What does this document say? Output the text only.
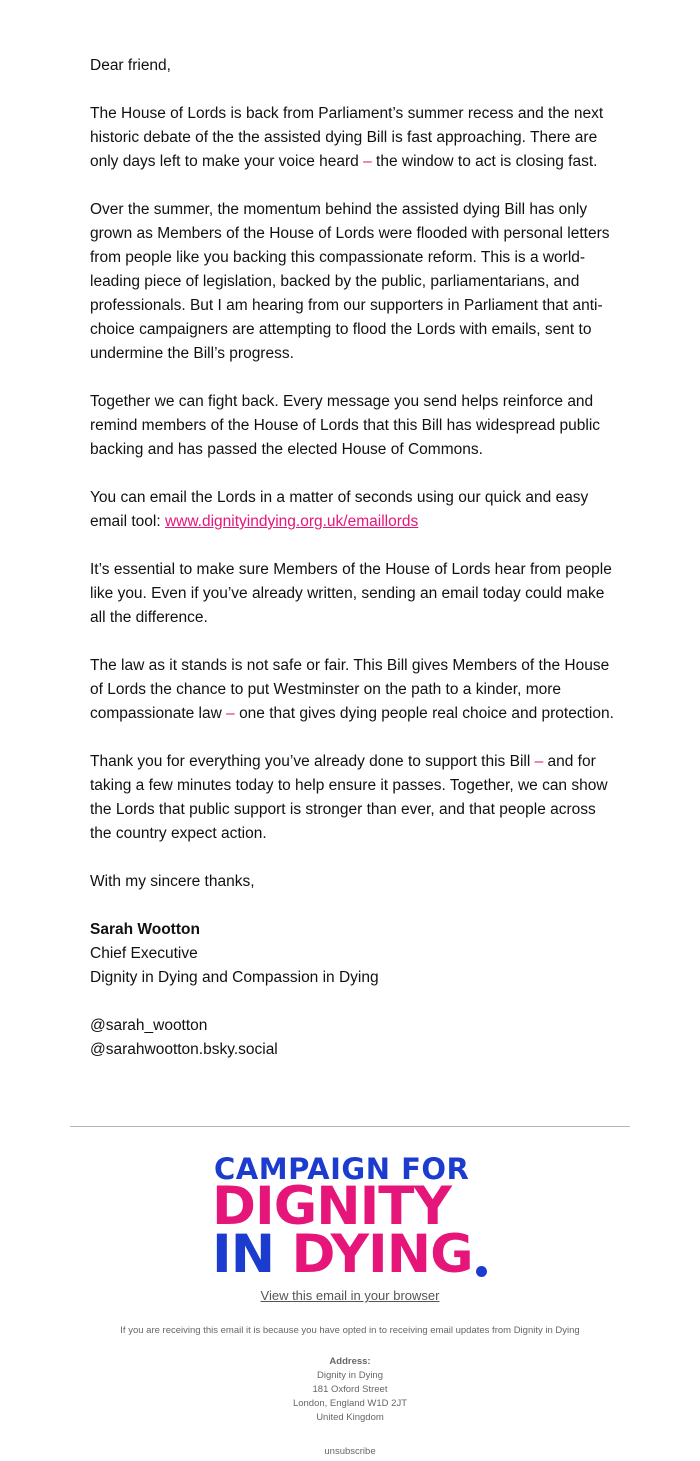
Dear friend,

The House of Lords is back from Parliament’s summer recess and the next historic debate of the the assisted dying Bill is fast approaching. There are only days left to make your voice heard – the window to act is closing fast.

Over the summer, the momentum behind the assisted dying Bill has only grown as Members of the House of Lords were flooded with personal letters from people like you backing this compassionate reform. This is a world-leading piece of legislation, backed by the public, parliamentarians, and professionals. But I am hearing from our supporters in Parliament that anti-choice campaigners are attempting to flood the Lords with emails, sent to undermine the Bill’s progress.

Together we can fight back. Every message you send helps reinforce and remind members of the House of Lords that this Bill has widespread public backing and has passed the elected House of Commons.

You can email the Lords in a matter of seconds using our quick and easy email tool: www.dignityindying.org.uk/emaillords

It’s essential to make sure Members of the House of Lords hear from people like you. Even if you’ve already written, sending an email today could make all the difference.

The law as it stands is not safe or fair. This Bill gives Members of the House of Lords the chance to put Westminster on the path to a kinder, more compassionate law – one that gives dying people real choice and protection.

Thank you for everything you’ve already done to support this Bill – and for taking a few minutes today to help ensure it passes. Together, we can show the Lords that public support is stronger than ever, and that people across the country expect action.

With my sincere thanks,

Sarah Wootton
Chief Executive
Dignity in Dying and Compassion in Dying

@sarah_wootton
@sarahwootton.bsky.social

CAMPAIGN FOR
DIGNITY
IN DYING
View this email in your browser
If you are receiving this email it is because you have opted in to receiving email updates from Dignity in Dying
Address:
Dignity in Dying
181 Oxford Street
London, England W1D 2JT
United Kingdom
unsubscribe
